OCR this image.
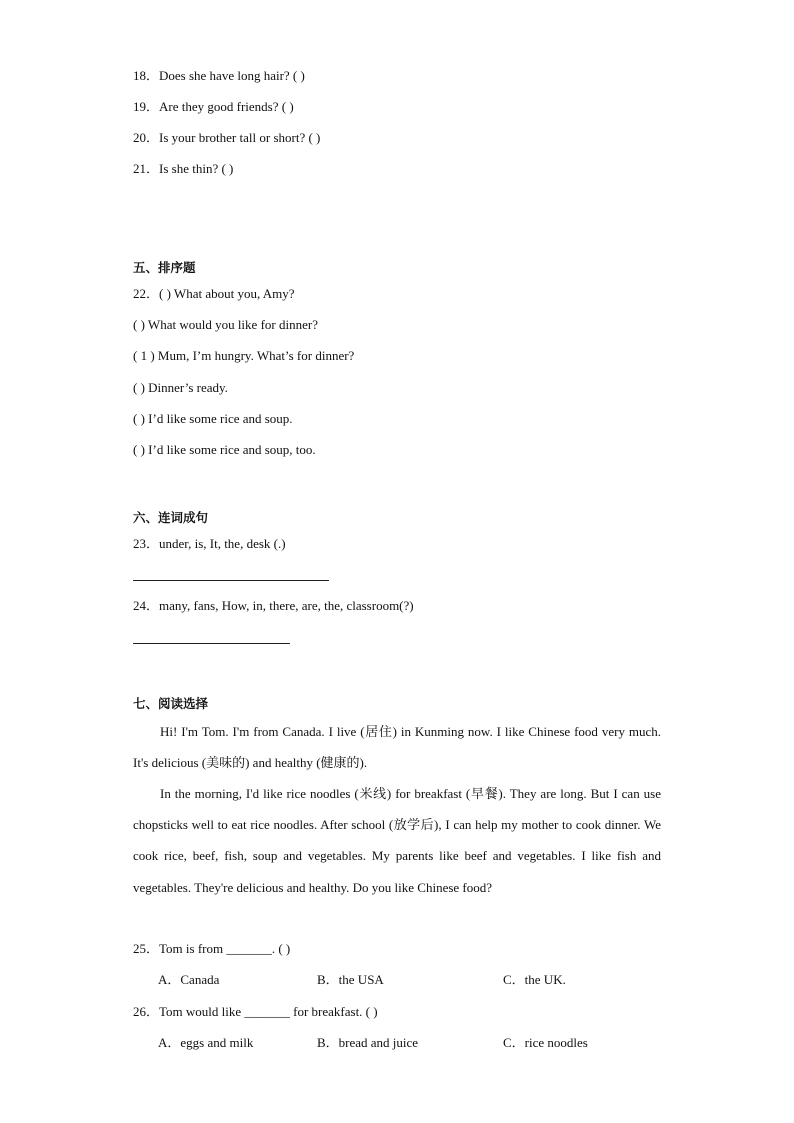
18．Does she have long hair? ( )
19．Are they good friends? ( )
20．Is your brother tall or short? ( )
21．Is she thin? ( )
五、排序题
22．( ) What about you, Amy?
( ) What would you like for dinner?
( 1 ) Mum, I’m hungry. What’s for dinner?
( ) Dinner’s ready.
( ) I’d like some rice and soup.
( ) I’d like some rice and soup, too.
六、连词成句
23．under, is, It, the, desk (.)
24．many, fans, How, in, there, are, the, classroom(?)
七、阅读选择
Hi! I'm Tom. I'm from Canada. I live (居住) in Kunming now. I like Chinese food very much. It's delicious (美味的) and healthy (健康的).
In the morning, I'd like rice noodles (米线) for breakfast (早餐). They are long. But I can use chopsticks well to eat rice noodles. After school (放学后), I can help my mother to cook dinner. We cook rice, beef, fish, soup and vegetables. My parents like beef and vegetables. I like fish and vegetables. They're delicious and healthy. Do you like Chinese food?
25．Tom is from _______. ( )
A．Canada	B．the USA	C．the UK.
26．Tom would like _______ for breakfast. ( )
A．eggs and milk	B．bread and juice	C．rice noodles
